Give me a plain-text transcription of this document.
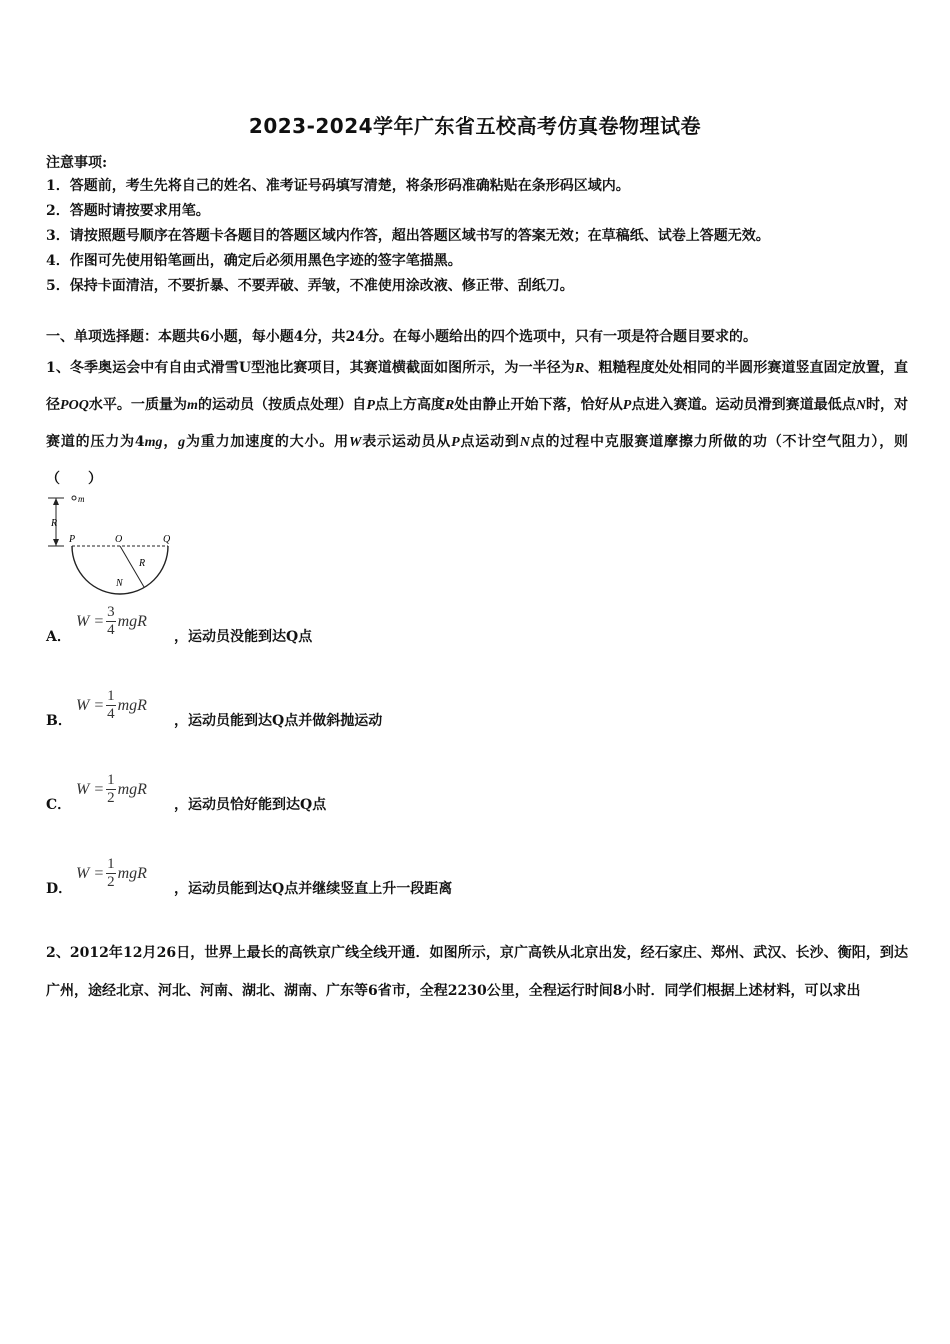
2023-2024学年广东省五校高考仿真卷物理试卷
注意事项:
1．答题前，考生先将自己的姓名、准考证号码填写清楚，将条形码准确粘贴在条形码区域内。
2．答题时请按要求用笔。
3．请按照题号顺序在答题卡各题目的答题区域内作答，超出答题区域书写的答案无效；在草稿纸、试卷上答题无效。
4．作图可先使用铅笔画出，确定后必须用黑色字迹的签字笔描黑。
5．保持卡面清洁，不要折暴、不要弄破、弄皱，不准使用涂改液、修正带、刮纸刀。
一、单项选择题：本题共6小题，每小题4分，共24分。在每小题给出的四个选项中，只有一项是符合题目要求的。
1、冬季奥运会中有自由式滑雪U型池比赛项目，其赛道横截面如图所示，为一半径为R、粗糙程度处处相同的半圆形赛道竖直固定放置，直径POQ水平。一质量为m的运动员（按质点处理）自P点上方高度R处由静止开始下落，恰好从P点进入赛道。运动员滑到赛道最低点N时，对赛道的压力为4mg，g为重力加速度的大小。用W表示运动员从P点运动到N点的过程中克服赛道摩擦力所做的功（不计空气阻力），则（　　）
m
R
P	O	Q
R
N
A．
$W = \frac{3}{4}$ mgR
，运动员没能到达Q点
B．
$W = \frac{1}{4}$ mgR
，运动员能到达Q点并做斜抛运动
C．
$W = \frac{1}{2}$ mgR
，运动员恰好能到达Q点
D．
$W = \frac{1}{2}$ mgR
，运动员能到达Q点并继续竖直上升一段距离
2、2012年12月26日，世界上最长的高铁京广线全线开通．如图所示，京广高铁从北京出发，经石家庄、郑州、武汉、长沙、衡阳，到达广州，途经北京、河北、河南、湖北、湖南、广东等6省市，全程2230公里，全程运行时间8小时．同学们根据上述材料，可以求出
